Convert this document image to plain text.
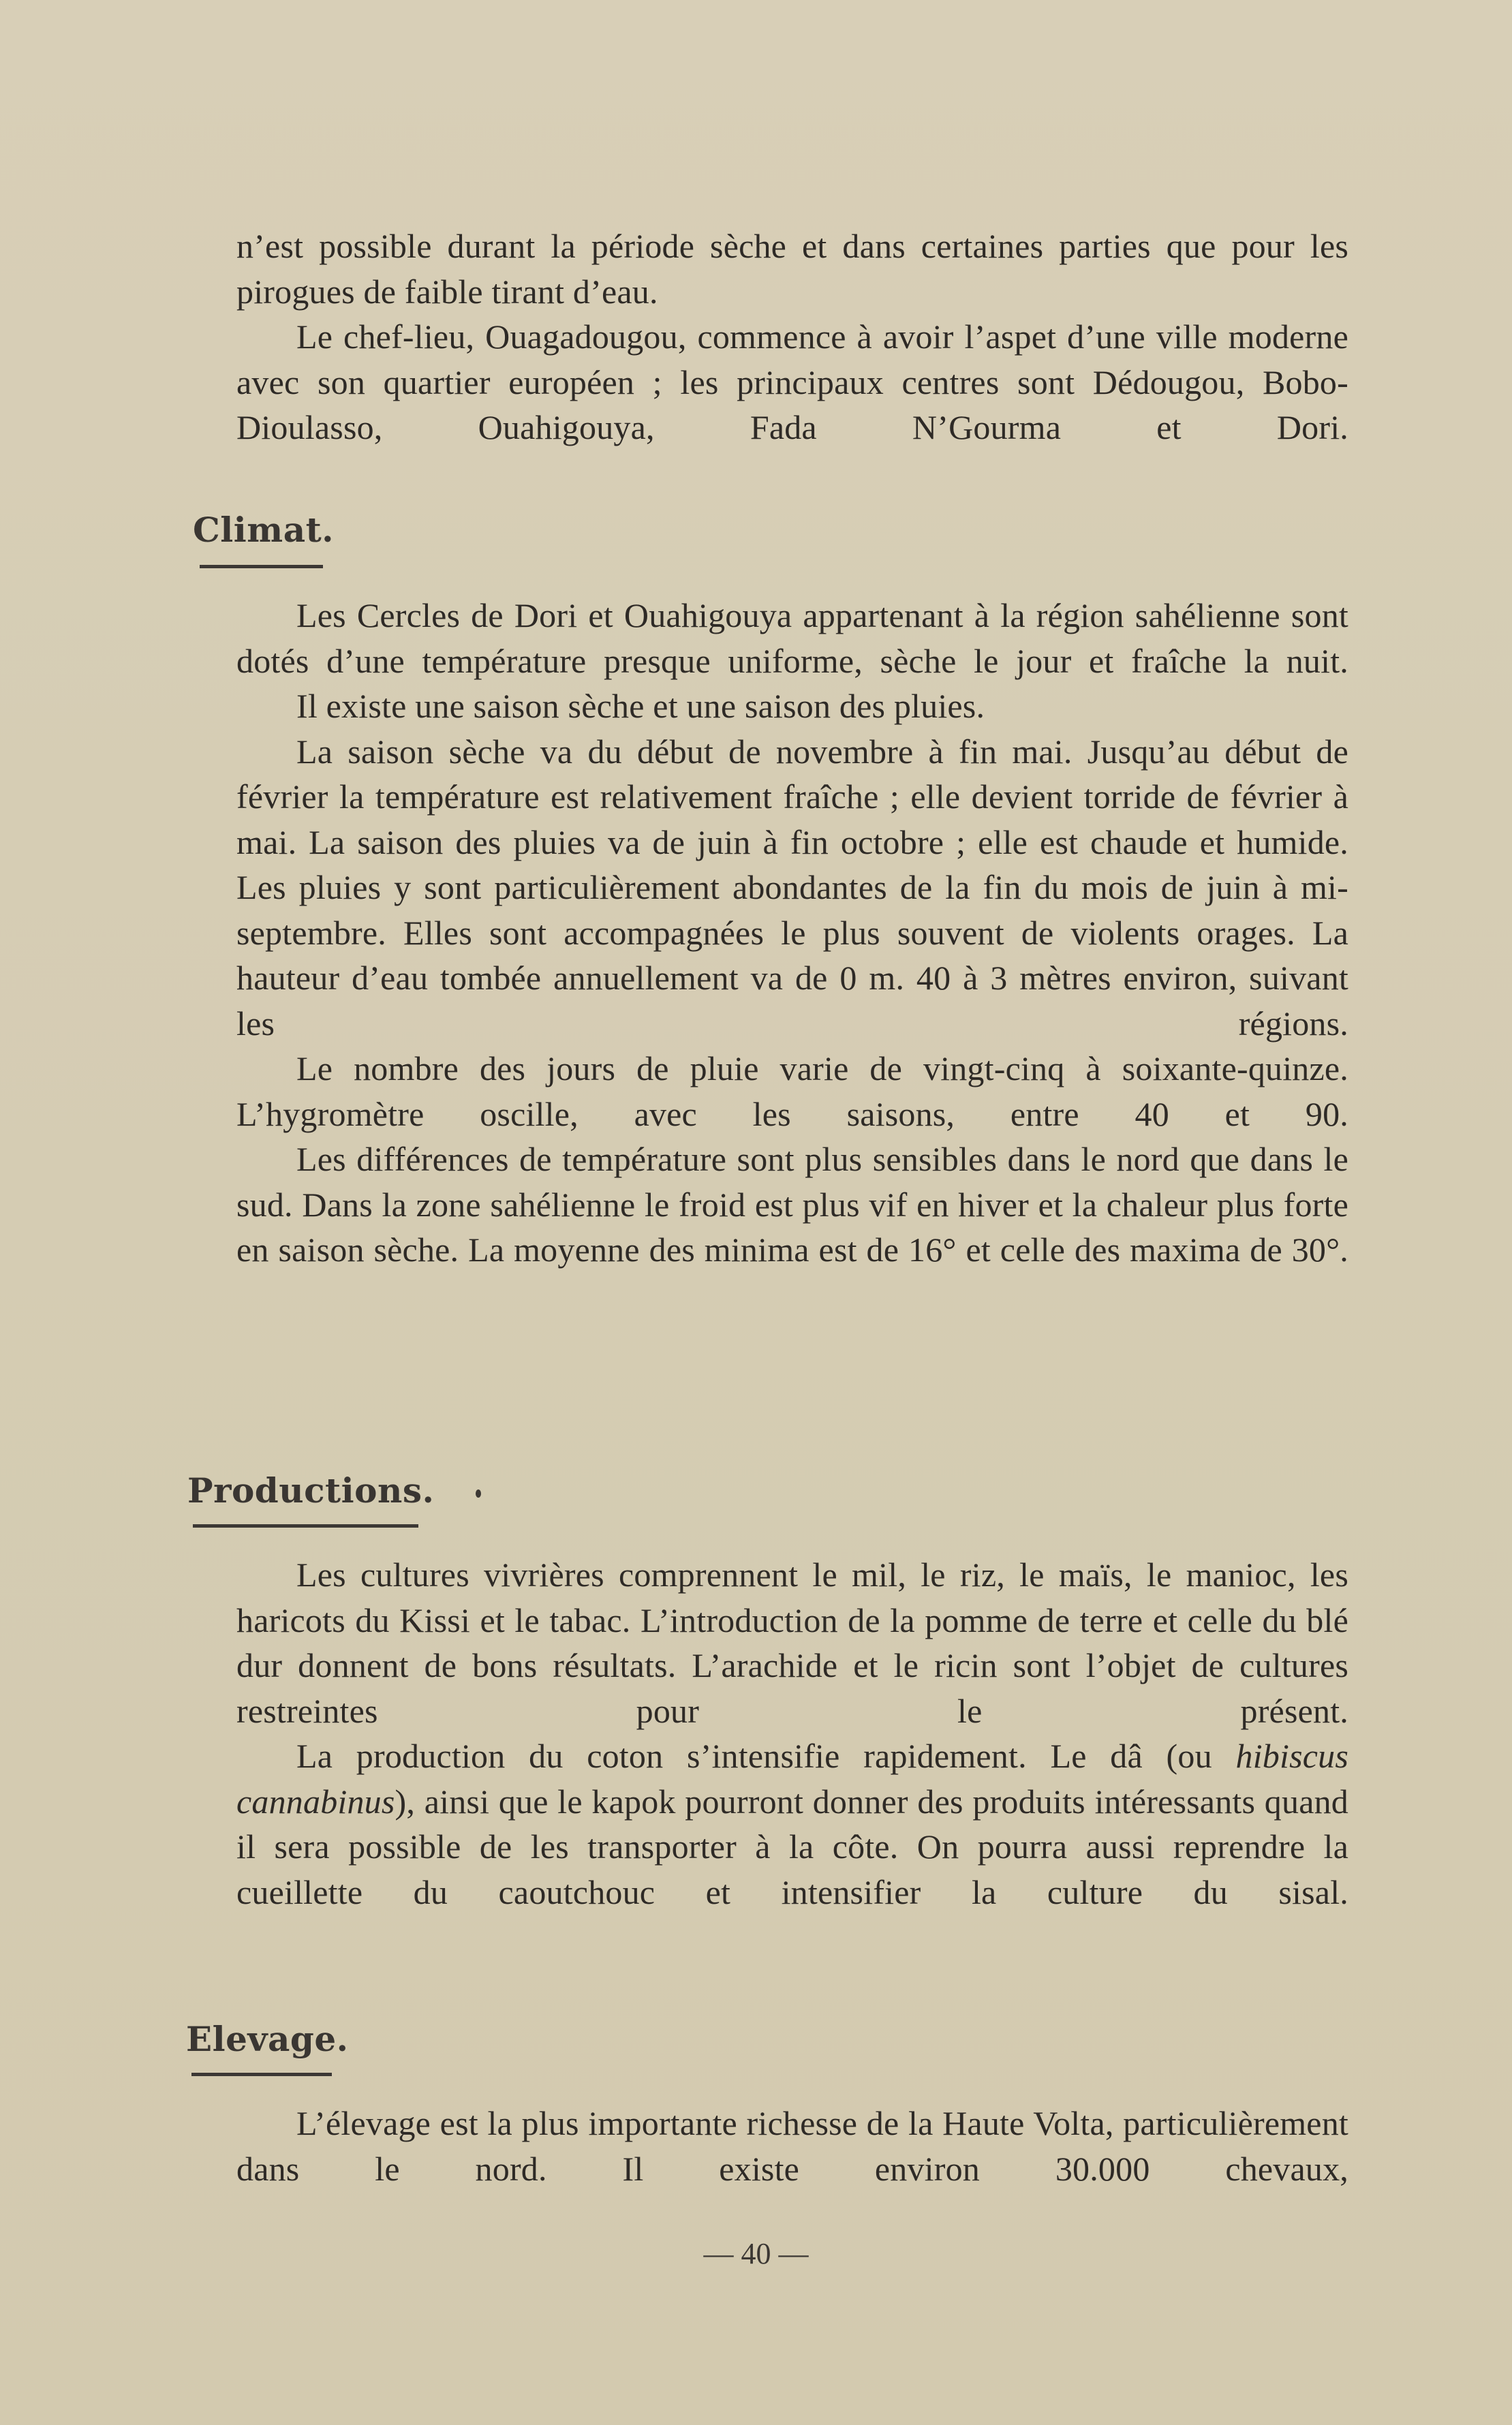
n’est possible durant la période sèche et dans certaines parties que pour les pirogues de faible tirant d’eau.

Le chef-lieu, Ouagadougou, commence à avoir l’aspet d’une ville moderne avec son quartier européen ; les principaux centres sont Dédougou, Bobo-Dioulasso, Ouahigouya, Fada N’Gourma et Dori.

Climat.

Les Cercles de Dori et Ouahigouya appartenant à la région sahélienne sont dotés d’une température presque uniforme, sèche le jour et fraîche la nuit.

Il existe une saison sèche et une saison des pluies.

La saison sèche va du début de novembre à fin mai. Jusqu’au début de février la température est relativement fraîche ; elle devient torride de février à mai. La saison des pluies va de juin à fin octobre ; elle est chaude et humide. Les pluies y sont particulièrement abondantes de la fin du mois de juin à mi-septembre. Elles sont accompagnées le plus souvent de violents orages. La hauteur d’eau tombée annuellement va de 0 m. 40 à 3 mètres environ, suivant les régions.

Le nombre des jours de pluie varie de vingt-cinq à soixante-quinze. L’hygromètre oscille, avec les saisons, entre 40 et 90.

Les différences de température sont plus sensibles dans le nord que dans le sud. Dans la zone sahélienne le froid est plus vif en hiver et la chaleur plus forte en saison sèche. La moyenne des minima est de 16° et celle des maxima de 30°.

Productions.

Les cultures vivrières comprennent le mil, le riz, le maïs, le manioc, les haricots du Kissi et le tabac. L’introduction de la pomme de terre et celle du blé dur donnent de bons résultats. L’arachide et le ricin sont l’objet de cultures restreintes pour le présent.

La production du coton s’intensifie rapidement. Le dâ (ou hibiscus cannabinus), ainsi que le kapok pourront donner des produits intéressants quand il sera possible de les transporter à la côte. On pourra aussi reprendre la cueillette du caoutchouc et intensifier la culture du sisal.

Elevage.

L’élevage est la plus importante richesse de la Haute Volta, particulièrement dans le nord. Il existe environ 30.000 chevaux,

— 40 —
